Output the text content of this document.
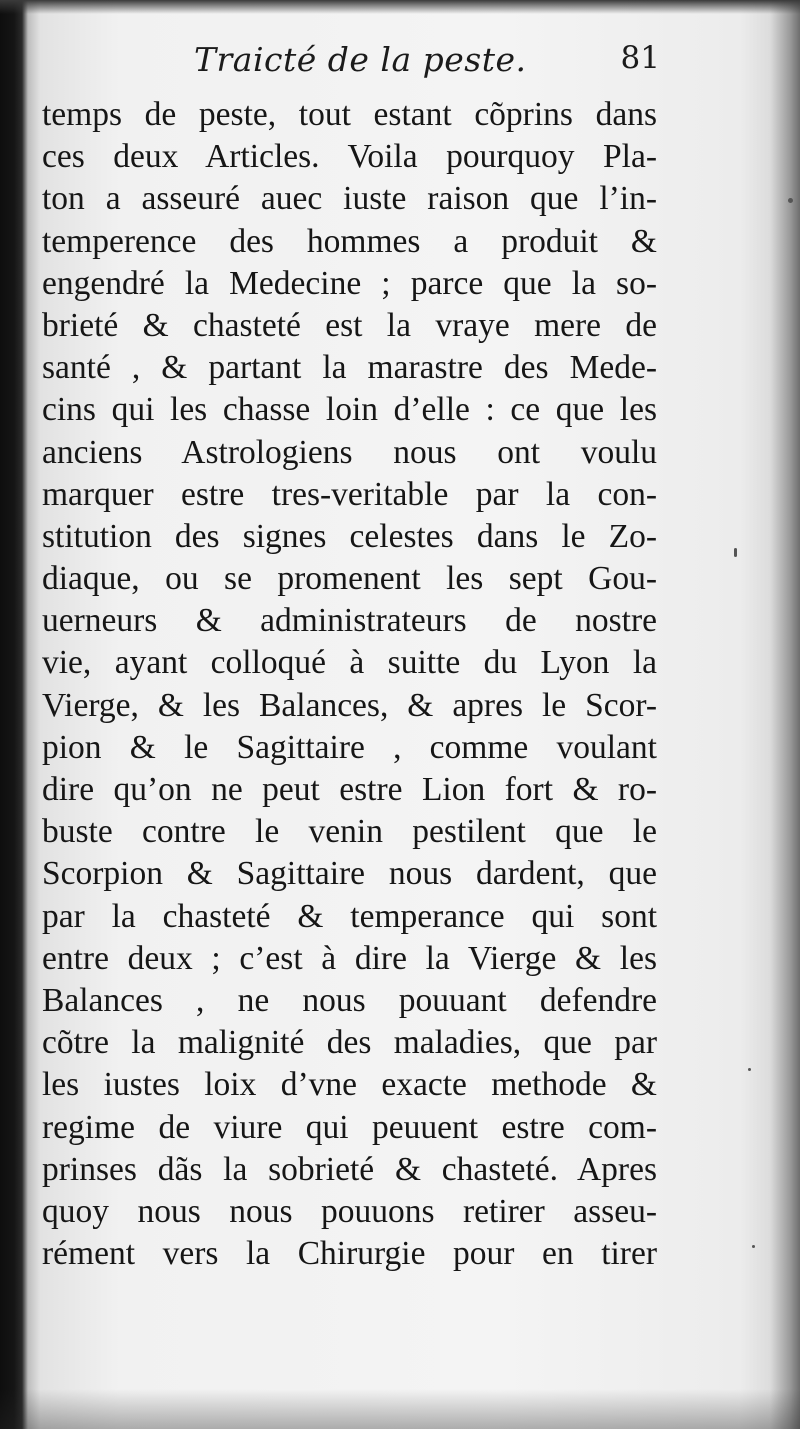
Traicté de la peste.	81
temps de peste, tout estant cõprins dans
ces deux Articles. Voila pourquoy Pla-
ton a asseuré auec iuste raison que l’in-
temperence des hommes a produit &
engendré la Medecine ; parce que la so-
brieté & chasteté est la vraye mere de
santé , & partant la marastre des Mede-
cins qui les chasse loin d’elle : ce que les
anciens Astrologiens nous ont voulu
marquer estre tres-veritable par la con-
stitution des signes celestes dans le Zo-
diaque, ou se promenent les sept Gou-
uerneurs & administrateurs de nostre
vie, ayant colloqué à suitte du Lyon la
Vierge, & les Balances, & apres le Scor-
pion & le Sagittaire , comme voulant
dire qu’on ne peut estre Lion fort & ro-
buste contre le venin pestilent que le
Scorpion & Sagittaire nous dardent, que
par la chasteté & temperance qui sont
entre deux ; c’est à dire la Vierge & les
Balances , ne nous pouuant defendre
cõtre la malignité des maladies, que par
les iustes loix d’vne exacte methode &
regime de viure qui peuuent estre com-
prinses dãs la sobrieté & chasteté. Apres
quoy nous nous pouuons retirer asseu-
rément vers la Chirurgie pour en tirer
